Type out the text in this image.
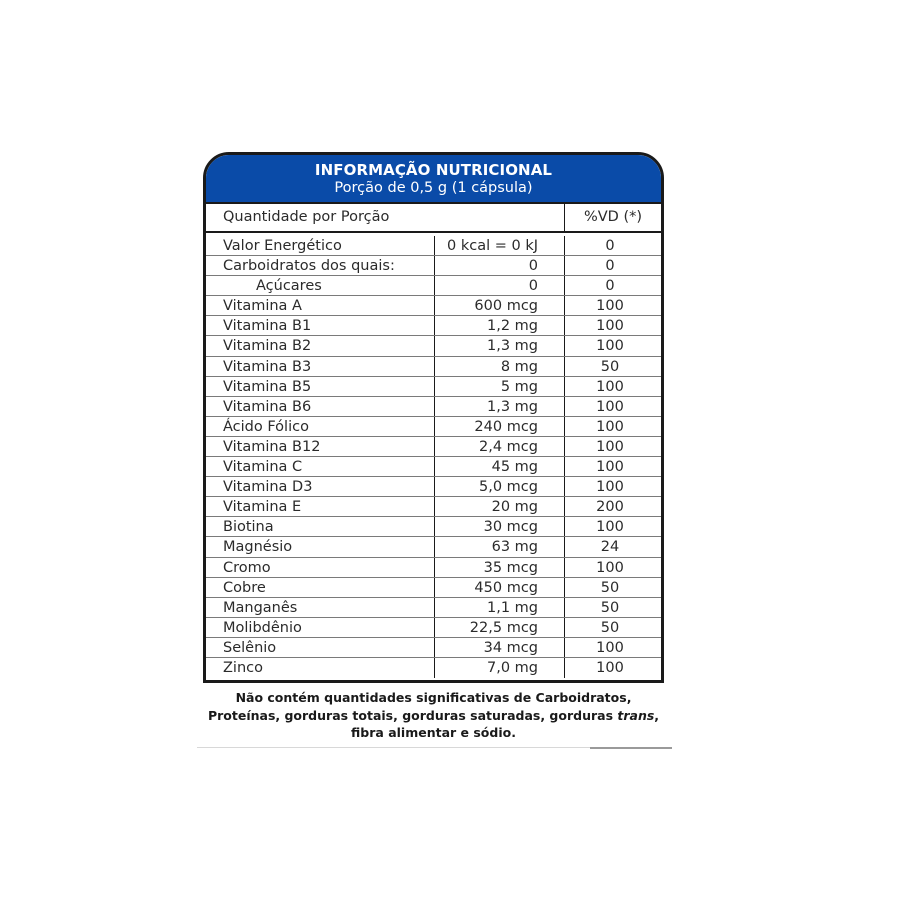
INFORMAÇÃO NUTRICIONAL
Porção de 0,5 g (1 cápsula)
Quantidade por Porção	%VD (*)
Valor Energético	0 kcal = 0 kJ	0
Carboidratos dos quais:	0	0
Açúcares	0	0
Vitamina A	600 mcg	100
Vitamina B1	1,2 mg	100
Vitamina B2	1,3 mg	100
Vitamina B3	8 mg	50
Vitamina B5	5 mg	100
Vitamina B6	1,3 mg	100
Ácido Fólico	240 mcg	100
Vitamina B12	2,4 mcg	100
Vitamina C	45 mg	100
Vitamina D3	5,0 mcg	100
Vitamina E	20 mg	200
Biotina	30 mcg	100
Magnésio	63 mg	24
Cromo	35 mcg	100
Cobre	450 mcg	50
Manganês	1,1 mg	50
Molibdênio	22,5 mcg	50
Selênio	34 mcg	100
Zinco	7,0 mg	100
Não contém quantidades significativas de Carboidratos,
Proteínas, gorduras totais, gorduras saturadas, gorduras trans,
fibra alimentar e sódio.
